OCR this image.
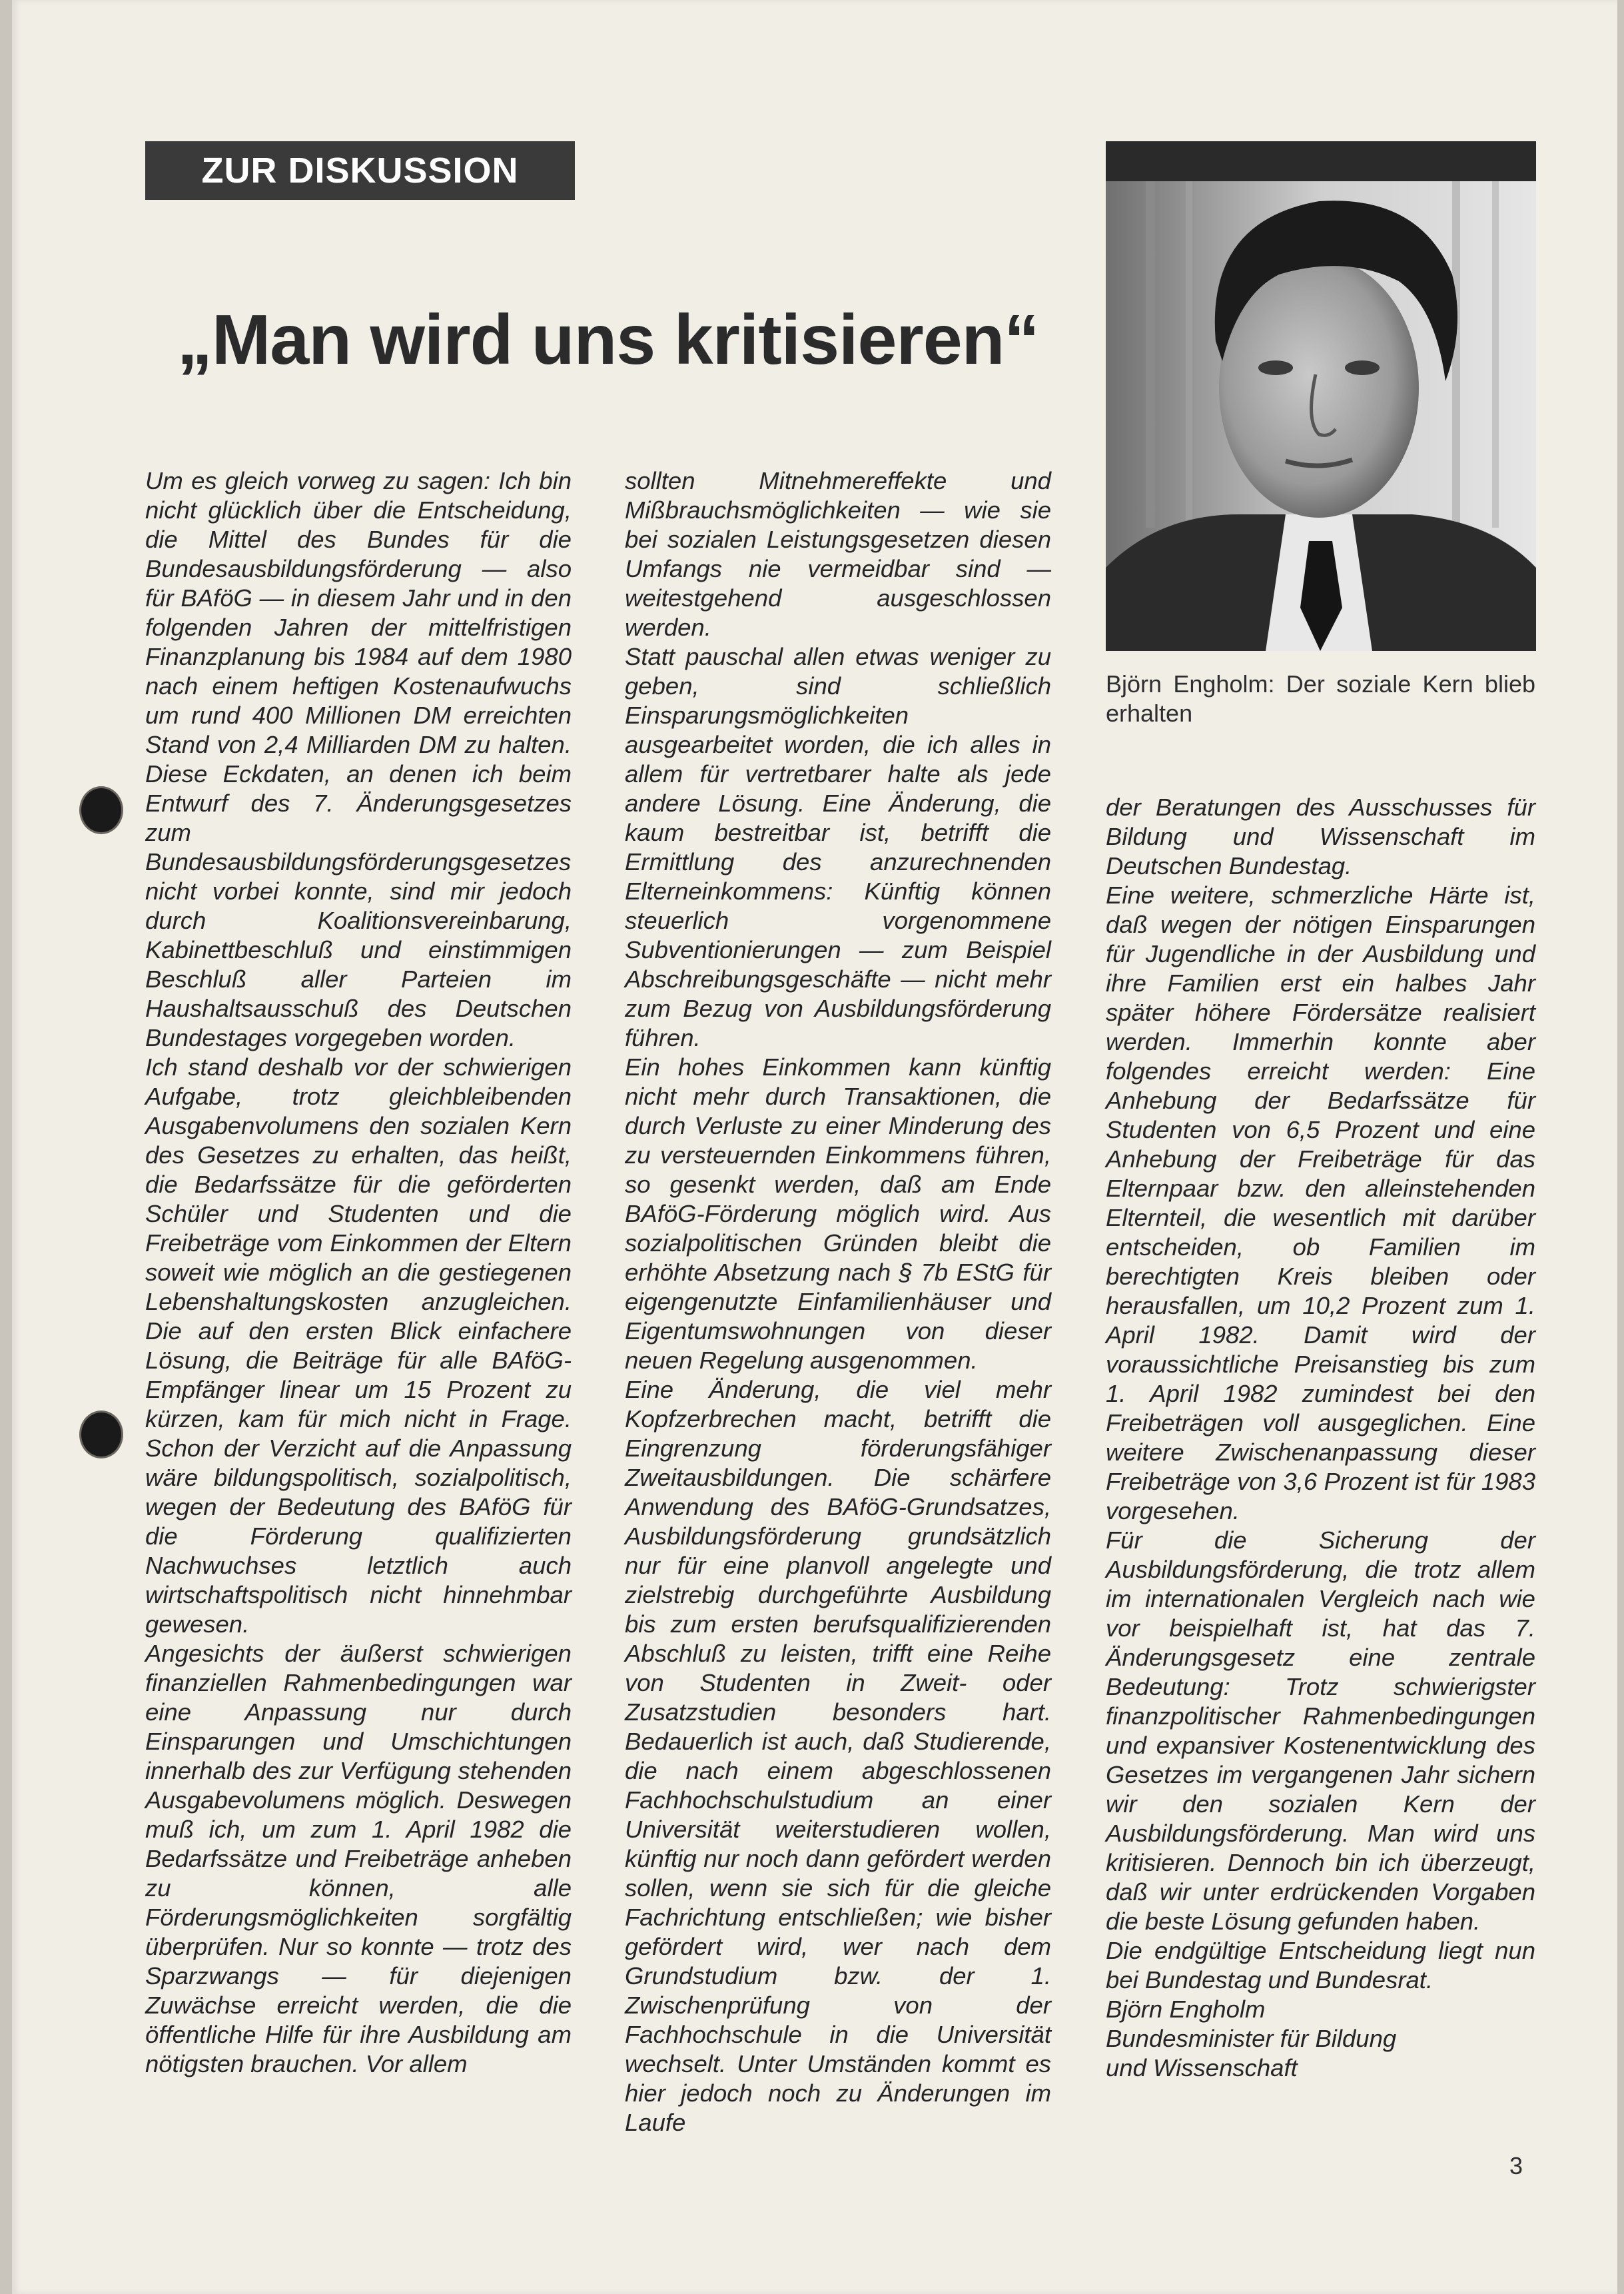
ZUR DISKUSSION
„Man wird uns kritisieren“

Um es gleich vorweg zu sagen: Ich bin nicht glücklich über die Entscheidung, die Mittel des Bundes für die Bundesausbildungsförderung — also für BAföG — in diesem Jahr und in den folgenden Jahren der mittelfristigen Finanzplanung bis 1984 auf dem 1980 nach einem heftigen Kostenaufwuchs um rund 400 Millionen DM erreichten Stand von 2,4 Milliarden DM zu halten. Diese Eckdaten, an denen ich beim Entwurf des 7. Änderungsgesetzes zum Bundesausbildungsförderungsgesetzes nicht vorbei konnte, sind mir jedoch durch Koalitionsvereinbarung, Kabinettbeschluß und einstimmigen Beschluß aller Parteien im Haushaltsausschuß des Deutschen Bundestages vorgegeben worden.

Ich stand deshalb vor der schwierigen Aufgabe, trotz gleichbleibenden Ausgabenvolumens den sozialen Kern des Gesetzes zu erhalten, das heißt, die Bedarfssätze für die geförderten Schüler und Studenten und die Freibeträge vom Einkommen der Eltern soweit wie möglich an die gestiegenen Lebenshaltungskosten anzugleichen. Die auf den ersten Blick einfachere Lösung, die Beiträge für alle BAföG-Empfänger linear um 15 Prozent zu kürzen, kam für mich nicht in Frage. Schon der Verzicht auf die Anpassung wäre bildungspolitisch, sozialpolitisch, wegen der Bedeutung des BAföG für die Förderung qualifizierten Nachwuchses letztlich auch wirtschaftspolitisch nicht hinnehmbar gewesen.

Angesichts der äußerst schwierigen finanziellen Rahmenbedingungen war eine Anpassung nur durch Einsparungen und Umschichtungen innerhalb des zur Verfügung stehenden Ausgabevolumens möglich. Deswegen muß ich, um zum 1. April 1982 die Bedarfssätze und Freibeträge anheben zu können, alle Förderungsmöglichkeiten sorgfältig überprüfen. Nur so konnte — trotz des Sparzwangs — für diejenigen Zuwächse erreicht werden, die die öffentliche Hilfe für ihre Ausbildung am nötigsten brauchen. Vor allem

sollten Mitnehmereffekte und Mißbrauchsmöglichkeiten — wie sie bei sozialen Leistungsgesetzen diesen Umfangs nie vermeidbar sind — weitestgehend ausgeschlossen werden.

Statt pauschal allen etwas weniger zu geben, sind schließlich Einsparungsmöglichkeiten ausgearbeitet worden, die ich alles in allem für vertretbarer halte als jede andere Lösung. Eine Änderung, die kaum bestreitbar ist, betrifft die Ermittlung des anzurechnenden Elterneinkommens: Künftig können steuerlich vorgenommene Subventionierungen — zum Beispiel Abschreibungsgeschäfte — nicht mehr zum Bezug von Ausbildungsförderung führen.

Ein hohes Einkommen kann künftig nicht mehr durch Transaktionen, die durch Verluste zu einer Minderung des zu versteuernden Einkommens führen, so gesenkt werden, daß am Ende BAföG-Förderung möglich wird. Aus sozialpolitischen Gründen bleibt die erhöhte Absetzung nach § 7b EStG für eigengenutzte Einfamilienhäuser und Eigentumswohnungen von dieser neuen Regelung ausgenommen.

Eine Änderung, die viel mehr Kopfzerbrechen macht, betrifft die Eingrenzung förderungsfähiger Zweitausbildungen. Die schärfere Anwendung des BAföG-Grundsatzes, Ausbildungsförderung grundsätzlich nur für eine planvoll angelegte und zielstrebig durchgeführte Ausbildung bis zum ersten berufsqualifizierenden Abschluß zu leisten, trifft eine Reihe von Studenten in Zweit- oder Zusatzstudien besonders hart. Bedauerlich ist auch, daß Studierende, die nach einem abgeschlossenen Fachhochschulstudium an einer Universität weiterstudieren wollen, künftig nur noch dann gefördert werden sollen, wenn sie sich für die gleiche Fachrichtung entschließen; wie bisher gefördert wird, wer nach dem Grundstudium bzw. der 1. Zwischenprüfung von der Fachhochschule in die Universität wechselt. Unter Umständen kommt es hier jedoch noch zu Änderungen im Laufe

Björn Engholm: Der soziale Kern blieb erhalten

der Beratungen des Ausschusses für Bildung und Wissenschaft im Deutschen Bundestag.

Eine weitere, schmerzliche Härte ist, daß wegen der nötigen Einsparungen für Jugendliche in der Ausbildung und ihre Familien erst ein halbes Jahr später höhere Fördersätze realisiert werden. Immerhin konnte aber folgendes erreicht werden: Eine Anhebung der Bedarfssätze für Studenten von 6,5 Prozent und eine Anhebung der Freibeträge für das Elternpaar bzw. den alleinstehenden Elternteil, die wesentlich mit darüber entscheiden, ob Familien im berechtigten Kreis bleiben oder herausfallen, um 10,2 Prozent zum 1. April 1982. Damit wird der voraussichtliche Preisanstieg bis zum 1. April 1982 zumindest bei den Freibeträgen voll ausgeglichen. Eine weitere Zwischenanpassung dieser Freibeträge von 3,6 Prozent ist für 1983 vorgesehen.

Für die Sicherung der Ausbildungsförderung, die trotz allem im internationalen Vergleich nach wie vor beispielhaft ist, hat das 7. Änderungsgesetz eine zentrale Bedeutung: Trotz schwierigster finanzpolitischer Rahmenbedingungen und expansiver Kostenentwicklung des Gesetzes im vergangenen Jahr sichern wir den sozialen Kern der Ausbildungsförderung. Man wird uns kritisieren. Dennoch bin ich überzeugt, daß wir unter erdrückenden Vorgaben die beste Lösung gefunden haben.

Die endgültige Entscheidung liegt nun bei Bundestag und Bundesrat.

Björn Engholm
Bundesminister für Bildung
und Wissenschaft
3
